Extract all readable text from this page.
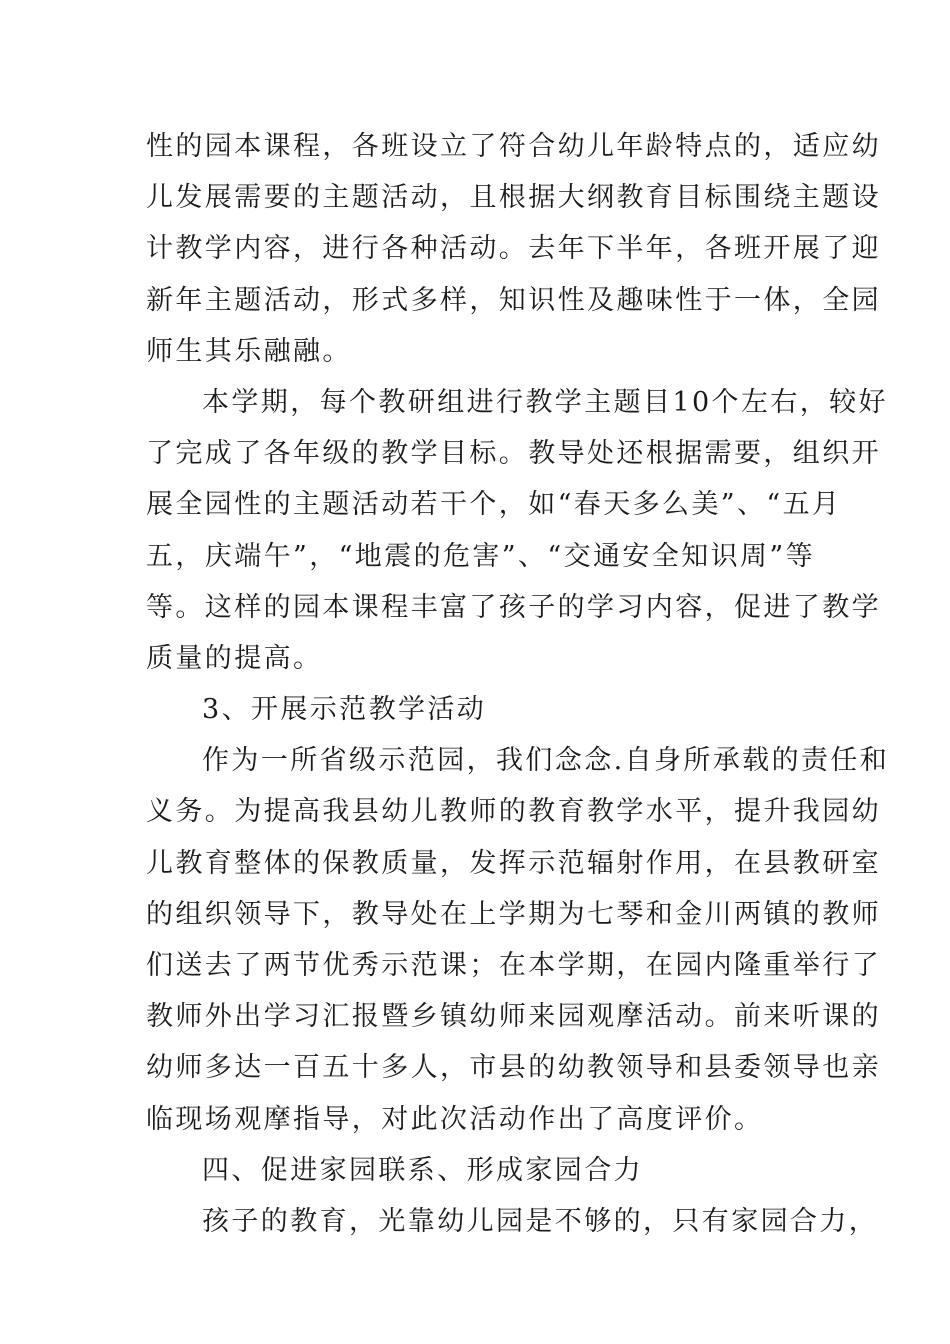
性的园本课程，各班设立了符合幼儿年龄特点的，适应幼
儿发展需要的主题活动，且根据大纲教育目标围绕主题设
计教学内容，进行各种活动。去年下半年，各班开展了迎
新年主题活动，形式多样，知识性及趣味性于一体，全园
师生其乐融融。
本学期，每个教研组进行教学主题目10个左右，较好
了完成了各年级的教学目标。教导处还根据需要，组织开
展全园性的主题活动若干个，如“春天多么美”、“五月
五，庆端午”，“地震的危害”、“交通安全知识周”等
等。这样的园本课程丰富了孩子的学习内容，促进了教学
质量的提高。
3、开展示范教学活动
作为一所省级示范园，我们念念.自身所承载的责任和
义务。为提高我县幼儿教师的教育教学水平，提升我园幼
儿教育整体的保教质量，发挥示范辐射作用，在县教研室
的组织领导下，教导处在上学期为七琴和金川两镇的教师
们送去了两节优秀示范课；在本学期，在园内隆重举行了
教师外出学习汇报暨乡镇幼师来园观摩活动。前来听课的
幼师多达一百五十多人，市县的幼教领导和县委领导也亲
临现场观摩指导，对此次活动作出了高度评价。
四、促进家园联系、形成家园合力
孩子的教育，光靠幼儿园是不够的，只有家园合力，
